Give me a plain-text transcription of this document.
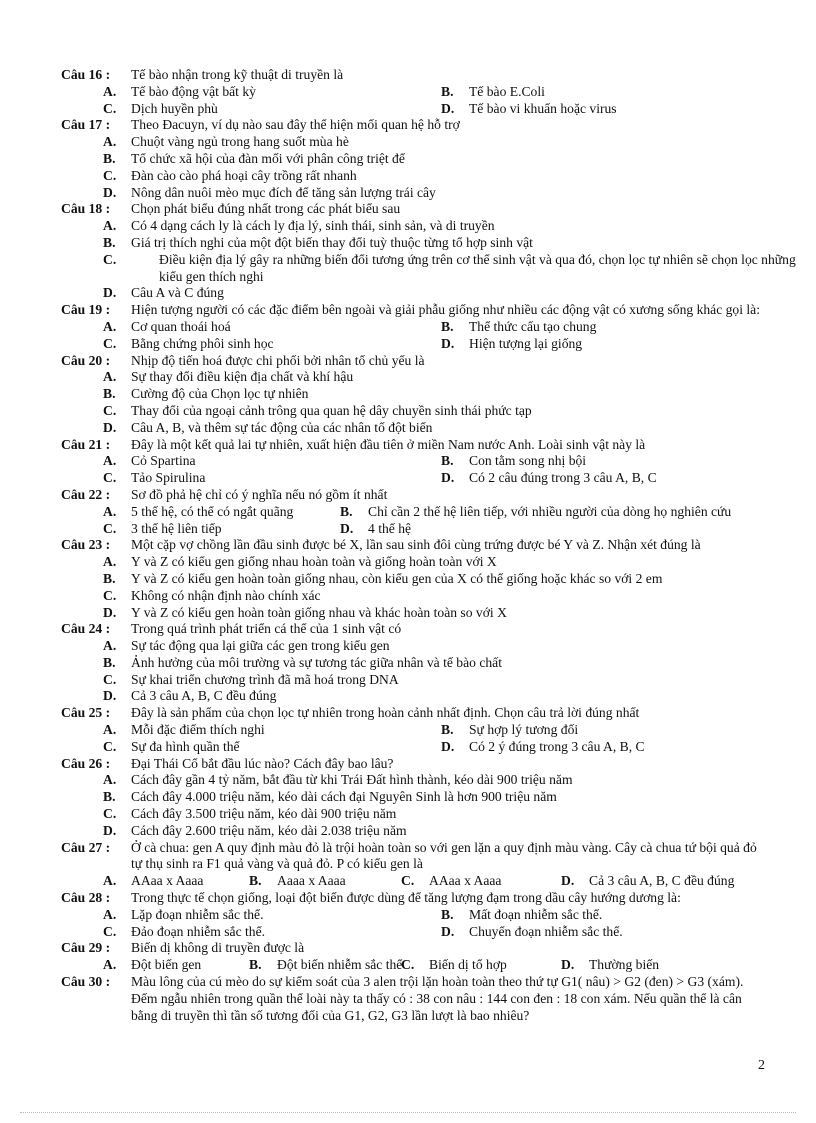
Câu 16 : Tế bào nhận trong kỹ thuật di truyền là
A. Tế bào động vật bất kỳ	B. Tế bào E.Coli
C. Dịch huyền phù	D. Tế bào vi khuẩn hoặc virus
Câu 17 : Theo Đacuyn, ví dụ nào sau đây thể hiện mối quan hệ hỗ trợ
A. Chuột vàng ngủ trong hang suốt mùa hè
B. Tổ chức xã hội của đàn mối với phân công triệt để
C. Đàn cào cào phá hoại cây trồng rất nhanh
D. Nông dân nuôi mèo mục đích để tăng sản lượng trái cây
Câu 18 : Chọn phát biểu đúng nhất trong các phát biểu sau
A. Có 4 dạng cách ly là cách ly địa lý, sinh thái, sinh sản, và di truyền
B. Giá trị thích nghi của một đột biến thay đổi tuỳ thuộc từng tổ hợp sinh vật
C.	Điều kiện địa lý gây ra những biến đổi tương ứng trên cơ thể sinh vật và qua đó, chọn lọc tự nhiên sẽ chọn lọc những kiểu gen thích nghi
D. Câu A và C đúng
Câu 19 : Hiện tượng người có các đặc điểm bên ngoài và giải phẫu giống như nhiều các động vật có xương sống khác gọi là:
A. Cơ quan thoái hoá	B. Thể thức cấu tạo chung
C. Bằng chứng phôi sinh học	D. Hiện tượng lại giống
Câu 20 : Nhịp độ tiến hoá được chi phối bởi nhân tố chủ yếu là
A. Sự thay đổi điều kiện địa chất và khí hậu
B. Cường độ của Chọn lọc tự nhiên
C. Thay đổi của ngoại cảnh trông qua quan hệ dây chuyền sinh thái phức tạp
D. Câu A, B, và thêm sự tác động của các nhân tố đột biến
Câu 21 : Đây là một kết quả lai tự nhiên, xuất hiện đầu tiên ở miền Nam nước Anh. Loài sinh vật này là
A. Cỏ Spartina	B. Con tằm song nhị bội
C. Tảo Spirulina	D. Có 2 câu đúng trong 3 câu A, B, C
Câu 22 : Sơ đồ phả hệ chỉ có ý nghĩa nếu nó gồm ít nhất
A. 5 thế hệ, có thể có ngắt quãng	B. Chỉ cần 2 thế hệ liên tiếp, với nhiều người của dòng họ nghiên cứu
C. 3 thế hệ liên tiếp	D. 4 thế hệ
Câu 23 : Một cặp vợ chồng lần đầu sinh được bé X, lần sau sinh đôi cùng trứng được bé Y và Z. Nhận xét đúng là
A. Y và Z có kiểu gen giống nhau hoàn toàn và giống hoàn toàn với X
B. Y và Z có kiểu gen hoàn toàn giống nhau, còn kiểu gen của X có thể giống hoặc khác so với 2 em
C. Không có nhận định nào chính xác
D. Y và Z có kiểu gen hoàn toàn giống nhau và khác hoàn toàn so với X
Câu 24 : Trong quá trình phát triển cá thể của 1 sinh vật có
A. Sự tác động qua lại giữa các gen trong kiểu gen
B. Ảnh hưởng của môi trường và sự tương tác giữa nhân và tế bào chất
C. Sự khai triển chương trình đã mã hoá trong DNA
D. Cả 3 câu A, B, C đều đúng
Câu 25 : Đây là sản phẩm của chọn lọc tự nhiên trong hoàn cảnh nhất định. Chọn câu trả lời đúng nhất
A. Mỗi đặc điểm thích nghi	B. Sự hợp lý tương đối
C. Sự đa hình quần thể	D. Có 2 ý đúng trong 3 câu A, B, C
Câu 26 : Đại Thái Cổ bắt đầu lúc nào? Cách đây bao lâu?
A. Cách đây gần 4 tỷ năm, bắt đầu từ khi Trái Đất hình thành, kéo dài 900 triệu năm
B. Cách đây 4.000 triệu năm, kéo dài cách đại Nguyên Sinh là hơn 900 triệu năm
C. Cách đây 3.500 triệu năm, kéo dài 900 triệu năm
D. Cách đây 2.600 triệu năm, kéo dài 2.038 triệu năm
Câu 27 : Ở cà chua: gen A quy định màu đỏ là trội hoàn toàn so với gen lặn a quy định màu vàng. Cây cà chua tứ bội quả đỏ tự thụ sinh ra F1 quả vàng và quả đỏ. P có kiểu gen là
A. AAaa x Aaaa	B. Aaaa x Aaaa	C. AAaa x Aaaa	D. Cả 3 câu A, B, C đều đúng
Câu 28 : Trong thực tế chọn giống, loại đột biến được dùng để tăng lượng đạm trong dầu cây hướng dương là:
A. Lặp đoạn nhiễm sắc thể.	B. Mất đoạn nhiễm sắc thể.
C. Đảo đoạn nhiễm sắc thể.	D. Chuyển đoạn nhiễm sắc thể.
Câu 29 : Biến dị không di truyền được là
A. Đột biến gen	B. Đột biến nhiễm sắc thể
C. Biến dị tổ hợp	D. Thường biến
Câu 30 : Màu lông của cú mèo do sự kiểm soát của 3 alen trội lặn hoàn toàn theo thứ tự G1( nâu) > G2 (đen) > G3 (xám). Đếm ngẫu nhiên trong quần thể loài này ta thấy có : 38 con nâu : 144 con đen : 18 con xám. Nếu quần thể là cân bằng di truyền thì tần số tương đối của G1, G2, G3 lần lượt là bao nhiêu?
2
